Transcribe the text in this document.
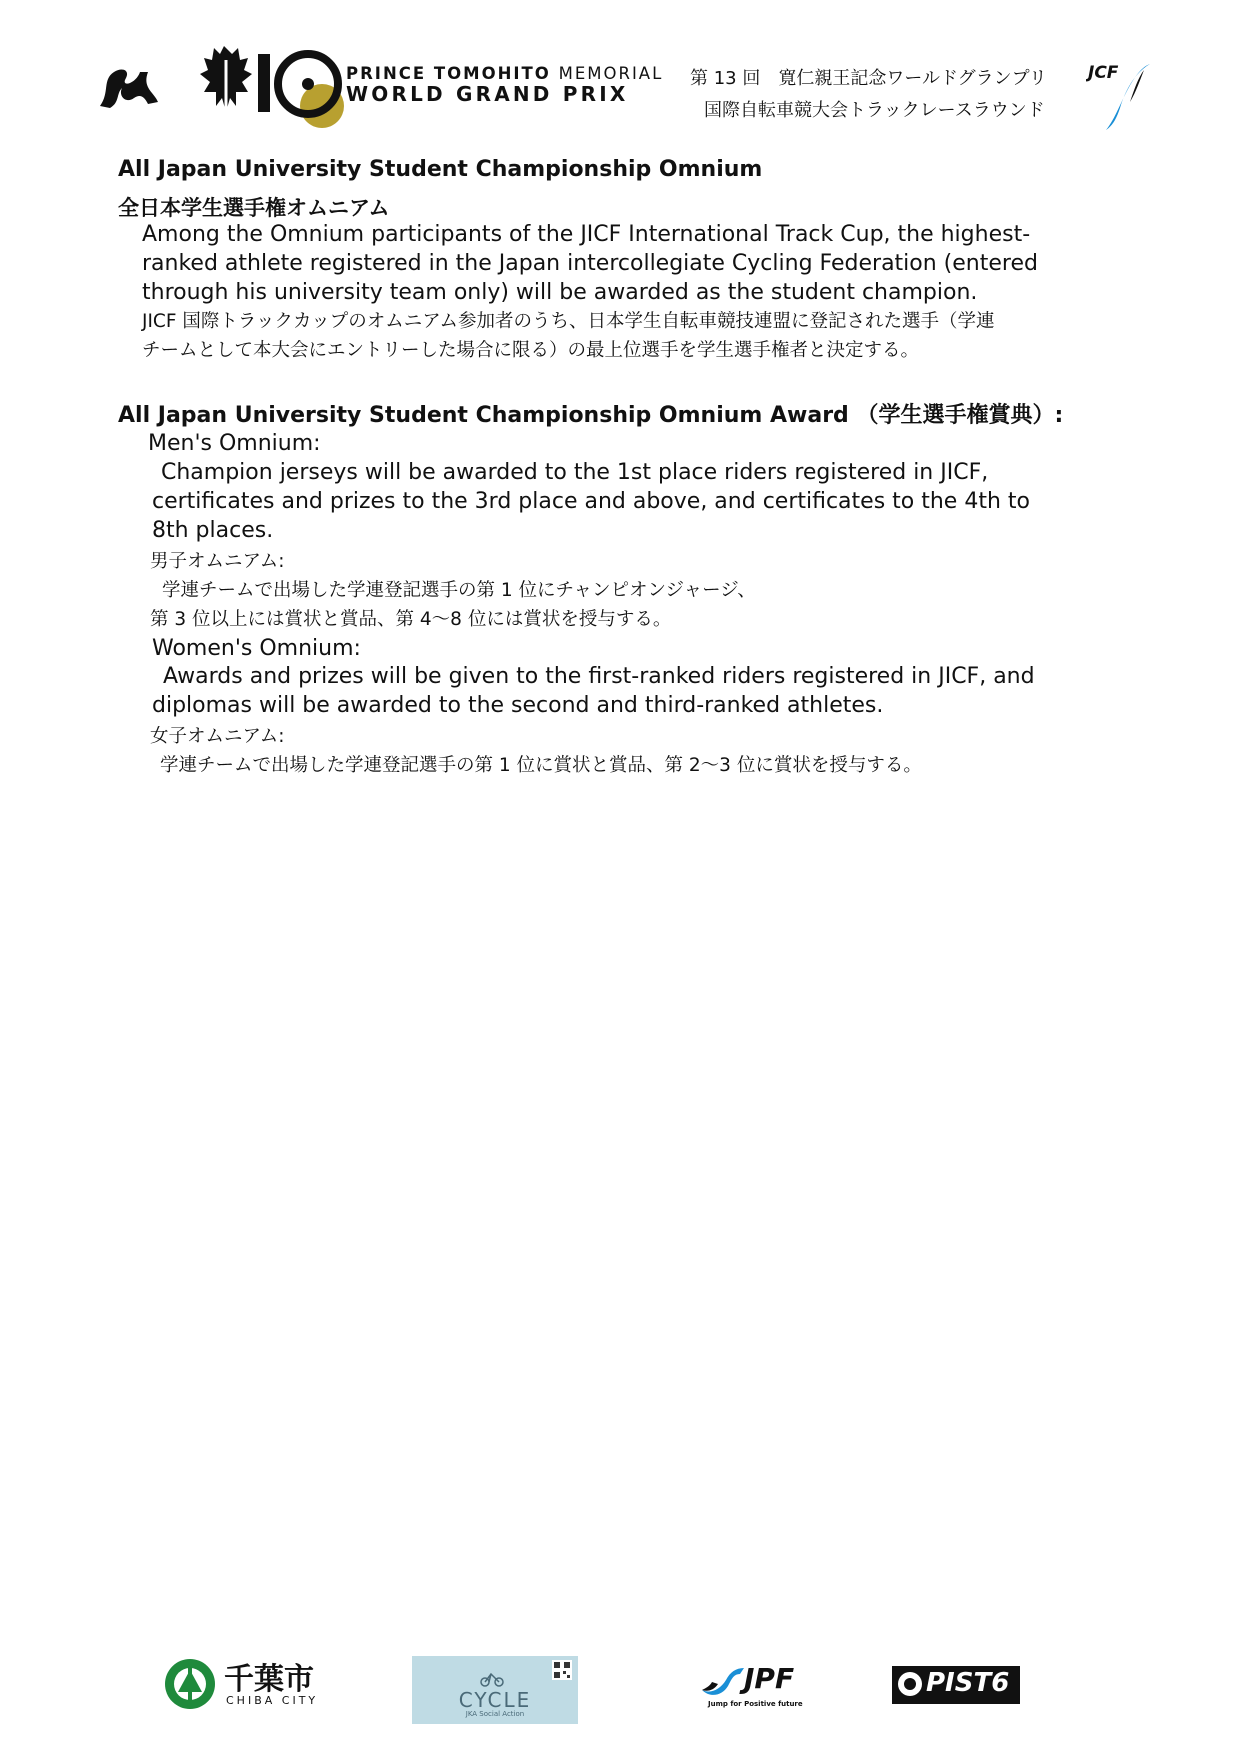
PRINCE TOMOHITO MEMORIAL
WORLD GRAND PRIX
第 13 回　寛仁親王記念ワールドグランプリ
国際自転車競大会トラックレースラウンド
JCF
All Japan University Student Championship Omnium
全日本学生選手権オムニアム
Among the Omnium participants of the JICF International Track Cup, the highest-ranked athlete registered in the Japan intercollegiate Cycling Federation (entered through his university team only) will be awarded as the student champion.
JICF 国際トラックカップのオムニアム参加者のうち、日本学生自転車競技連盟に登記された選手（学連
チームとして本大会にエントリーした場合に限る）の最上位選手を学生選手権者と決定する。
All Japan University Student Championship Omnium Award （学生選手権賞典）:
Men's Omnium:
Champion jerseys will be awarded to the 1st place riders registered in JICF, certificates and prizes to the 3rd place and above, and certificates to the 4th to 8th places.
男子オムニアム:
学連チームで出場した学連登記選手の第 1 位にチャンピオンジャージ、
第 3 位以上には賞状と賞品、第 4〜8 位には賞状を授与する。
Women's Omnium:
Awards and prizes will be given to the first-ranked riders registered in JICF, and diplomas will be awarded to the second and third-ranked athletes.
女子オムニアム:
学連チームで出場した学連登記選手の第 1 位に賞状と賞品、第 2〜3 位に賞状を授与する。
千葉市
CHIBA CITY	CYCLE
JKA Social Action
JPF
Jump for Positive future
PIST6
